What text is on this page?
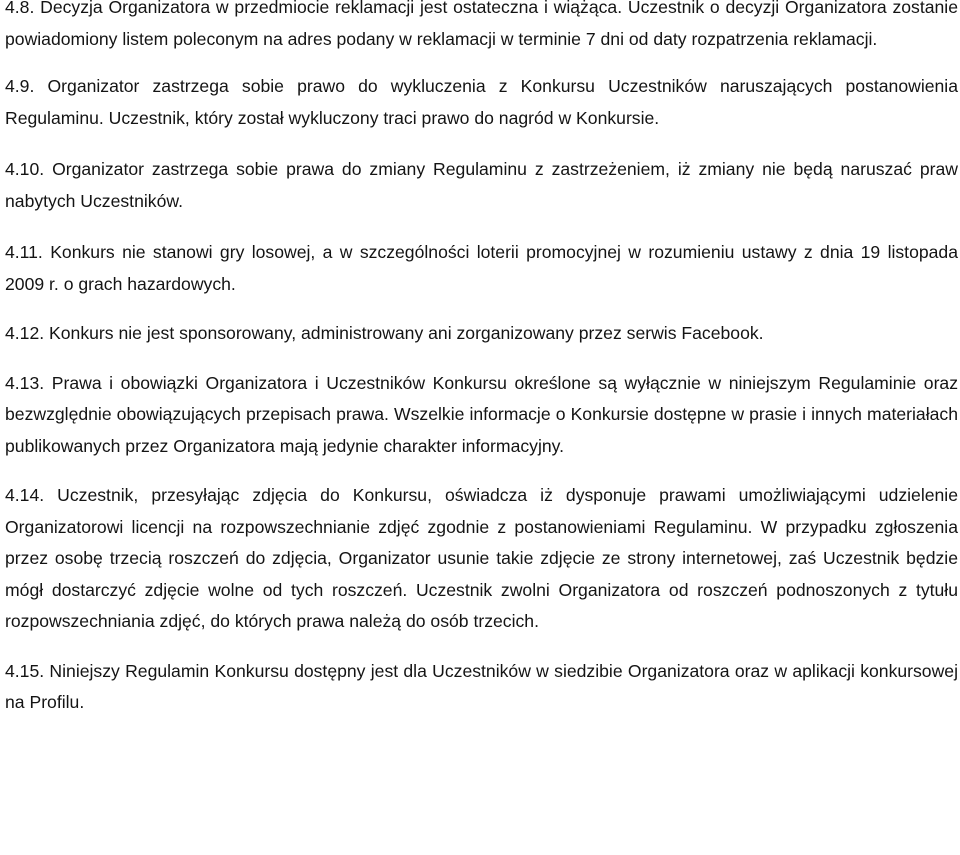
4.8. Decyzja Organizatora w przedmiocie reklamacji jest ostateczna i wiążąca. Uczestnik o decyzji Organizatora zostanie powiadomiony listem poleconym na adres podany w reklamacji w terminie 7 dni od daty rozpatrzenia reklamacji.

4.9. Organizator zastrzega sobie prawo do wykluczenia z Konkursu Uczestników naruszających postanowienia Regulaminu. Uczestnik, który został wykluczony traci prawo do nagród w Konkursie.

4.10. Organizator zastrzega sobie prawa do zmiany Regulaminu z zastrzeżeniem, iż zmiany nie będą naruszać praw nabytych Uczestników.

4.11. Konkurs nie stanowi gry losowej, a w szczególności loterii promocyjnej w rozumieniu ustawy z dnia 19 listopada 2009 r. o grach hazardowych.

4.12. Konkurs nie jest sponsorowany, administrowany ani zorganizowany przez serwis Facebook.

4.13. Prawa i obowiązki Organizatora i Uczestników Konkursu określone są wyłącznie w niniejszym Regulaminie oraz bezwzględnie obowiązujących przepisach prawa. Wszelkie informacje o Konkursie dostępne w prasie i innych materiałach publikowanych przez Organizatora mają jedynie charakter informacyjny.

4.14. Uczestnik, przesyłając zdjęcia do Konkursu, oświadcza iż dysponuje prawami umożliwiającymi udzielenie Organizatorowi licencji na rozpowszechnianie zdjęć zgodnie z postanowieniami Regulaminu. W przypadku zgłoszenia przez osobę trzecią roszczeń do zdjęcia, Organizator usunie takie zdjęcie ze strony internetowej, zaś Uczestnik będzie mógł dostarczyć zdjęcie wolne od tych roszczeń. Uczestnik zwolni Organizatora od roszczeń podnoszonych z tytułu rozpowszechniania zdjęć, do których prawa należą do osób trzecich.

4.15. Niniejszy Regulamin Konkursu dostępny jest dla Uczestników w siedzibie Organizatora oraz w aplikacji konkursowej na Profilu.
